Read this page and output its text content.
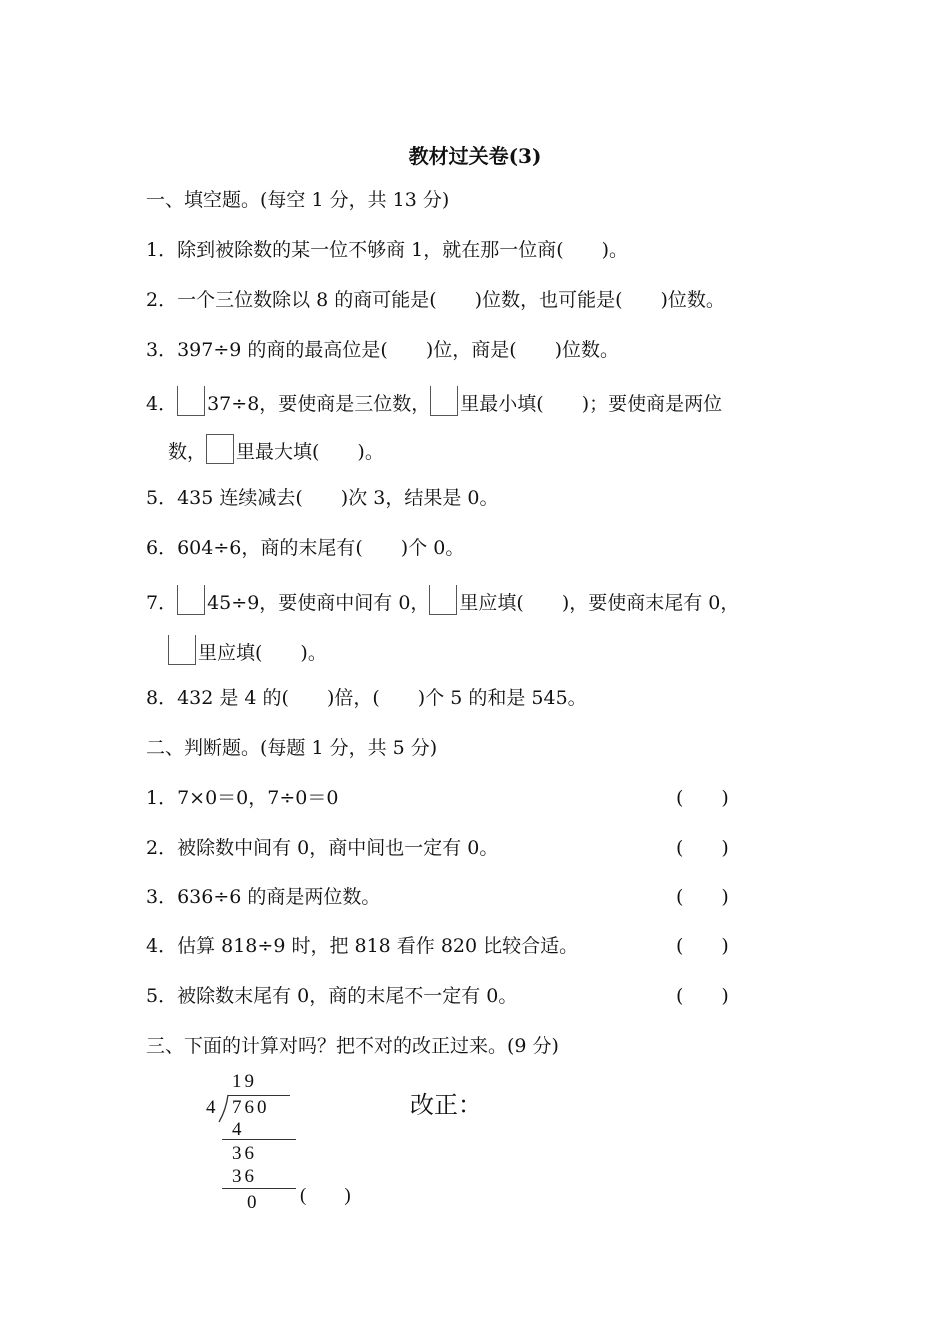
教材过关卷(3)
一、填空题。(每空 1 分，共 13 分)
1．除到被除数的某一位不够商 1，就在那一位商(　　)。
2．一个三位数除以 8 的商可能是(　　)位数，也可能是(　　)位数。
3．397÷9 的商的最高位是(　　)位，商是(　　)位数。
4． 37÷8，要使商是三位数， 里最小填(　　)；要使商是两位
数， 里最大填(　　)。
5．435 连续减去(　　)次 3，结果是 0。
6．604÷6，商的末尾有(　　)个 0。
7． 45÷9，要使商中间有 0， 里应填(　　)，要使商末尾有 0，
里应填(　　)。
8．432 是 4 的(　　)倍，(　　)个 5 的和是 545。
二、判断题。(每题 1 分，共 5 分)
1．7×0＝0，7÷0＝0	(　　)
2．被除数中间有 0，商中间也一定有 0。	(　　)
3．636÷6 的商是两位数。	(　　)
4．估算 818÷9 时，把 818 看作 820 比较合适。	(　　)
5．被除数末尾有 0，商的末尾不一定有 0。	(　　)
三、下面的计算对吗？把不对的改正过来。(9 分)
19
4 760
4
36
36
0 (　　)
改正：
